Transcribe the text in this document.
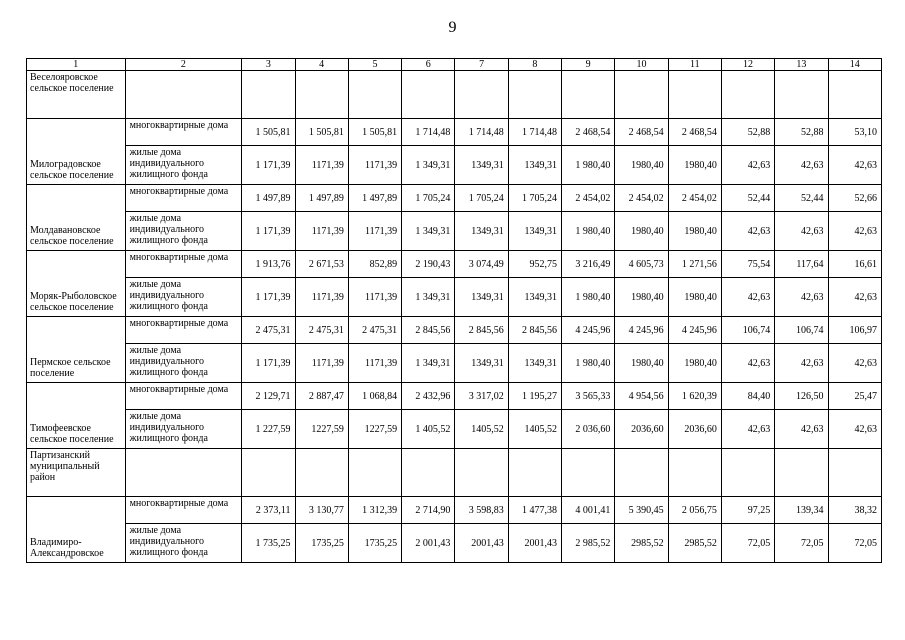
9
1	2	3	4	5	6	7	8	9	10	11	12	13	14
Веселояровское сельское поселение													
Милоградовское сельское поселение	многоквартирные дома	1 505,81	1 505,81	1 505,81	1 714,48	1 714,48	1 714,48	2 468,54	2 468,54	2 468,54	52,88	52,88	53,10
	жилые дома индивидуального жилищного фонда	1 171,39	1171,39	1171,39	1 349,31	1349,31	1349,31	1 980,40	1980,40	1980,40	42,63	42,63	42,63
Молдавановское сельское поселение	многоквартирные дома	1 497,89	1 497,89	1 497,89	1 705,24	1 705,24	1 705,24	2 454,02	2 454,02	2 454,02	52,44	52,44	52,66
	жилые дома индивидуального жилищного фонда	1 171,39	1171,39	1171,39	1 349,31	1349,31	1349,31	1 980,40	1980,40	1980,40	42,63	42,63	42,63
Моряк-Рыболовское сельское поселение	многоквартирные дома	1 913,76	2 671,53	852,89	2 190,43	3 074,49	952,75	3 216,49	4 605,73	1 271,56	75,54	117,64	16,61
	жилые дома индивидуального жилищного фонда	1 171,39	1171,39	1171,39	1 349,31	1349,31	1349,31	1 980,40	1980,40	1980,40	42,63	42,63	42,63
Пермское сельское поселение	многоквартирные дома	2 475,31	2 475,31	2 475,31	2 845,56	2 845,56	2 845,56	4 245,96	4 245,96	4 245,96	106,74	106,74	106,97
	жилые дома индивидуального жилищного фонда	1 171,39	1171,39	1171,39	1 349,31	1349,31	1349,31	1 980,40	1980,40	1980,40	42,63	42,63	42,63
Тимофеевское сельское поселение	многоквартирные дома	2 129,71	2 887,47	1 068,84	2 432,96	3 317,02	1 195,27	3 565,33	4 954,56	1 620,39	84,40	126,50	25,47
	жилые дома индивидуального жилищного фонда	1 227,59	1227,59	1227,59	1 405,52	1405,52	1405,52	2 036,60	2036,60	2036,60	42,63	42,63	42,63
Партизанский муниципальный район													
Владимиро-Александровское	многоквартирные дома	2 373,11	3 130,77	1 312,39	2 714,90	3 598,83	1 477,38	4 001,41	5 390,45	2 056,75	97,25	139,34	38,32
	жилые дома индивидуального жилищного фонда	1 735,25	1735,25	1735,25	2 001,43	2001,43	2001,43	2 985,52	2985,52	2985,52	72,05	72,05	72,05
